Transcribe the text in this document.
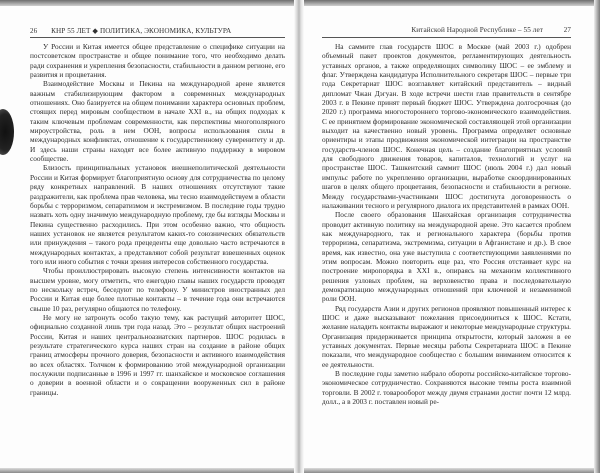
26 КНР 55 ЛЕТ ◆ ПОЛИТИКА, ЭКОНОМИКА, КУЛЬТУРА

У России и Китая имеется общее представление о специфике ситуации на постсоветском пространстве и общее понимание того, что необходимо делать ради сохранения и укрепления безопасности, стабильности в данном регионе, его развития и процветания.

Взаимодействие Москвы и Пекина на международной арене является важным стабилизирующим фактором в современных международных отношениях. Оно базируется на общем понимании характера основных проблем, стоящих перед мировым сообществом в начале XXI в., на общих подходах к таким ключевым проблемам современности, как перспективы многополярного мироустройства, роль в нем ООН, вопросы использования силы в международных конфликтах, отношение к государственному суверенитету и др. И здесь наши страны находят все более активную поддержку в мировом сообществе.

Близость принципиальных установок внешнеполитической деятельности России и Китая формирует благоприятную основу для сотрудничества по целому ряду конкретных направлений. В наших отношениях отсутствуют такие раздражители, как проблема прав человека, мы тесно взаимодействуем в области борьбы с терроризмом, сепаратизмом и экстремизмом. В последние годы трудно назвать хоть одну значимую международную проблему, где бы взгляды Москвы и Пекина существенно расходились. При этом особенно важно, что общность наших установок не является результатом каких-то союзнических обязательств или принуждения – такого рода прецеденты еще довольно часто встречаются в международных контактах, а представляют собой результат взвешенных оценок того или иного события с точки зрения интересов собственного государства.

Чтобы проиллюстрировать высокую степень интенсивности контактов на высшем уровне, могу отметить, что ежегодно главы наших государств проводят по нескольку встреч, беседуют по телефону. У министров иностранных дел России и Китая еще более плотные контакты – в течение года они встречаются свыше 10 раз, регулярно общаются по телефону.

Не могу не затронуть особо такую тему, как растущий авторитет ШОС, официально созданной лишь три года назад. Это – результат общих настроений России, Китая и наших центральноазиатских партнеров. ШОС родилась в результате стратегического курса наших стран на создание в районе общих границ атмосферы прочного доверия, безопасности и активного взаимодействия во всех областях. Толчком к формированию этой международной организации послужили подписанные в 1996 и 1997 гг. шанхайское и московское соглашения о доверии в военной области и о сокращении вооруженных сил в районе границы.

Китайской Народной Республике – 55 лет	27

На саммите глав государств ШОС в Москве (май 2003 г.) одобрен объемный пакет проектов документов, регламентирующих деятельность уставных органов, а также определяющих символику ШОС – ее эмблему и флаг. Утверждена кандидатура Исполнительного секретаря ШОС – первые три года Секретариат ШОС возглавляет китайский представитель – видный дипломат Чжан Дэгуан. В ходе встречи шести глав правительств в сентябре 2003 г. в Пекине принят первый бюджет ШОС. Утверждена долгосрочная (до 2020 г.) программа многостороннего торгово-экономического взаимодействия. С ее принятием формирование экономической составляющей этой организации выходит на качественно новый уровень. Программа определяет основные ориентиры и этапы продвижения экономической интеграции на пространстве государств-членов ШОС. Конечная цель – создание благоприятных условий для свободного движения товаров, капиталов, технологий и услуг на пространстве ШОС. Ташкентский саммит ШОС (июль 2004 г.) дал новый импульс работе по укреплению организации, выработке скоординированных шагов в целях общего процветания, безопасности и стабильности в регионе. Между государствами-участниками ШОС достигнута договоренность о налаживании тесного и регулярного диалога их представителей в рамках ООН.

После своего образования Шанхайская организация сотрудничества проводит активную политику на международной арене. Это касается проблем как международного, так и регионального характера (борьбы против терроризма, сепаратизма, экстремизма, ситуации в Афганистане и др.). В свое время, как известно, она уже выступила с соответствующими заявлениями по этим вопросам. Можно повторить еще раз, что Россия отстаивает курс на построение миропорядка в XXI в., опираясь на механизм коллективного решения узловых проблем, на верховенство права и последовательную демократизацию международных отношений при ключевой и незаменимой роли ООН.

Ряд государств Азии и других регионов проявляют повышенный интерес к ШОС и даже высказывают пожелания присоединиться к ШОС. Кстати, желание наладить контакты выражают и некоторые международные структуры. Организация придерживается принципа открытости, который заложен в ее уставных документах. Первые месяцы работы Секретариата ШОС в Пекине показали, что международное сообщество с большим вниманием относится к ее деятельности.

В последние годы заметно набрало обороты российско-китайское торгово-экономическое сотрудничество. Сохраняются высокие темпы роста взаимной торговли. В 2002 г. товарооборот между двумя странами достиг почти 12 млрд. долл., а в 2003 г. поставлен новый ре-
